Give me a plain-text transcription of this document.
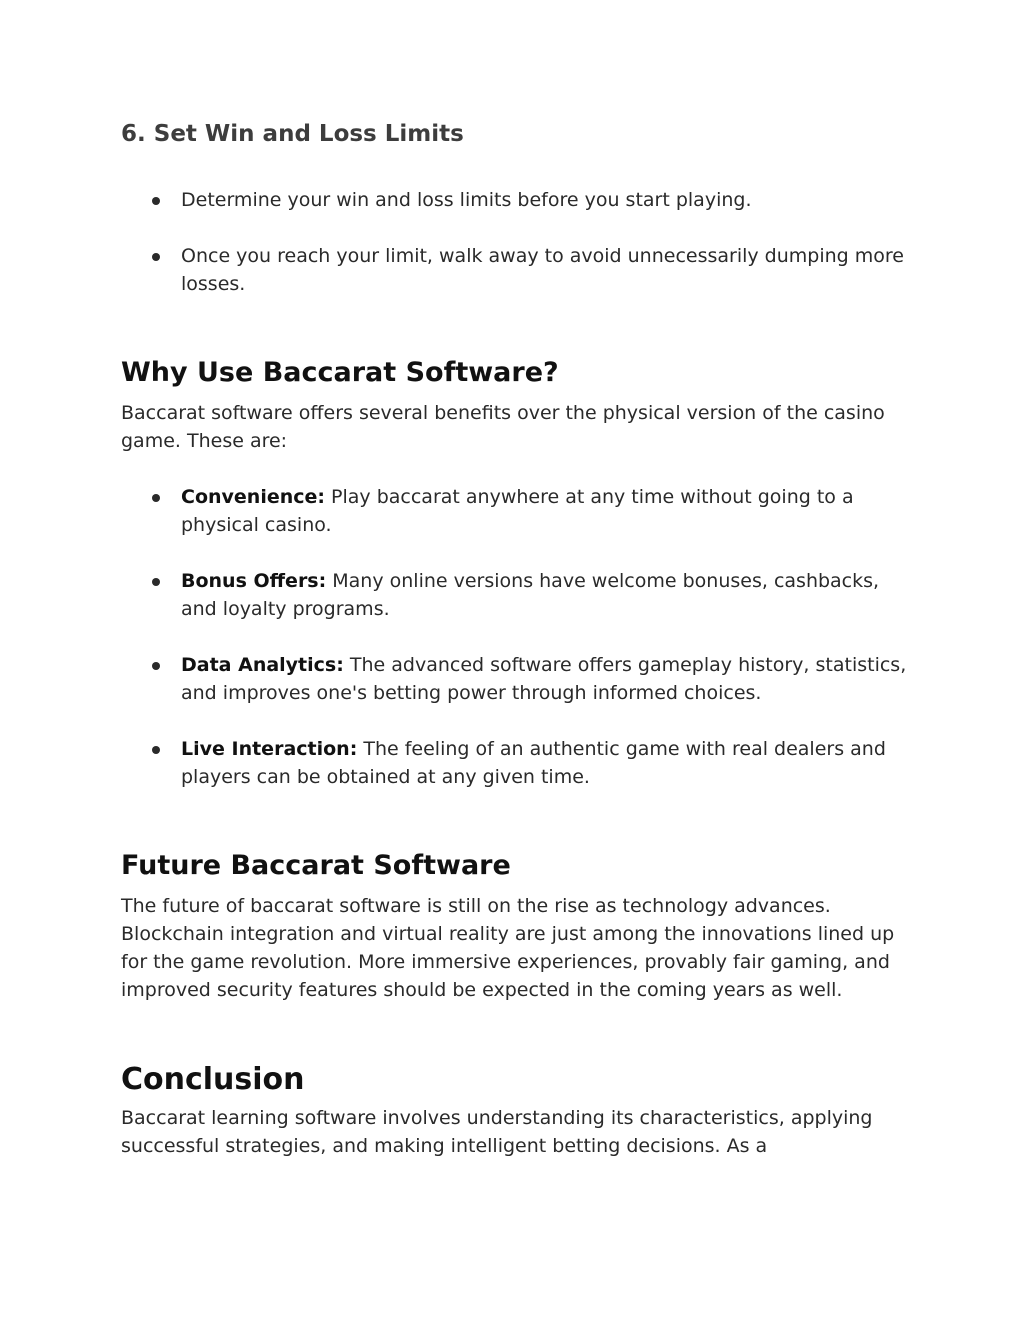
6. Set Win and Loss Limits
Determine your win and loss limits before you start playing.
Once you reach your limit, walk away to avoid unnecessarily dumping more losses.
Why Use Baccarat Software?

Baccarat software offers several benefits over the physical version of the casino game. These are:

Convenience: Play baccarat anywhere at any time without going to a physical casino.
Bonus Offers: Many online versions have welcome bonuses, cashbacks, and loyalty programs.
Data Analytics: The advanced software offers gameplay history, statistics, and improves one's betting power through informed choices.
Live Interaction: The feeling of an authentic game with real dealers and players can be obtained at any given time.
Future Baccarat Software

The future of baccarat software is still on the rise as technology advances. Blockchain integration and virtual reality are just among the innovations lined up for the game revolution. More immersive experiences, provably fair gaming, and improved security features should be expected in the coming years as well.

Conclusion

Baccarat learning software involves understanding its characteristics, applying successful strategies, and making intelligent betting decisions. As a
